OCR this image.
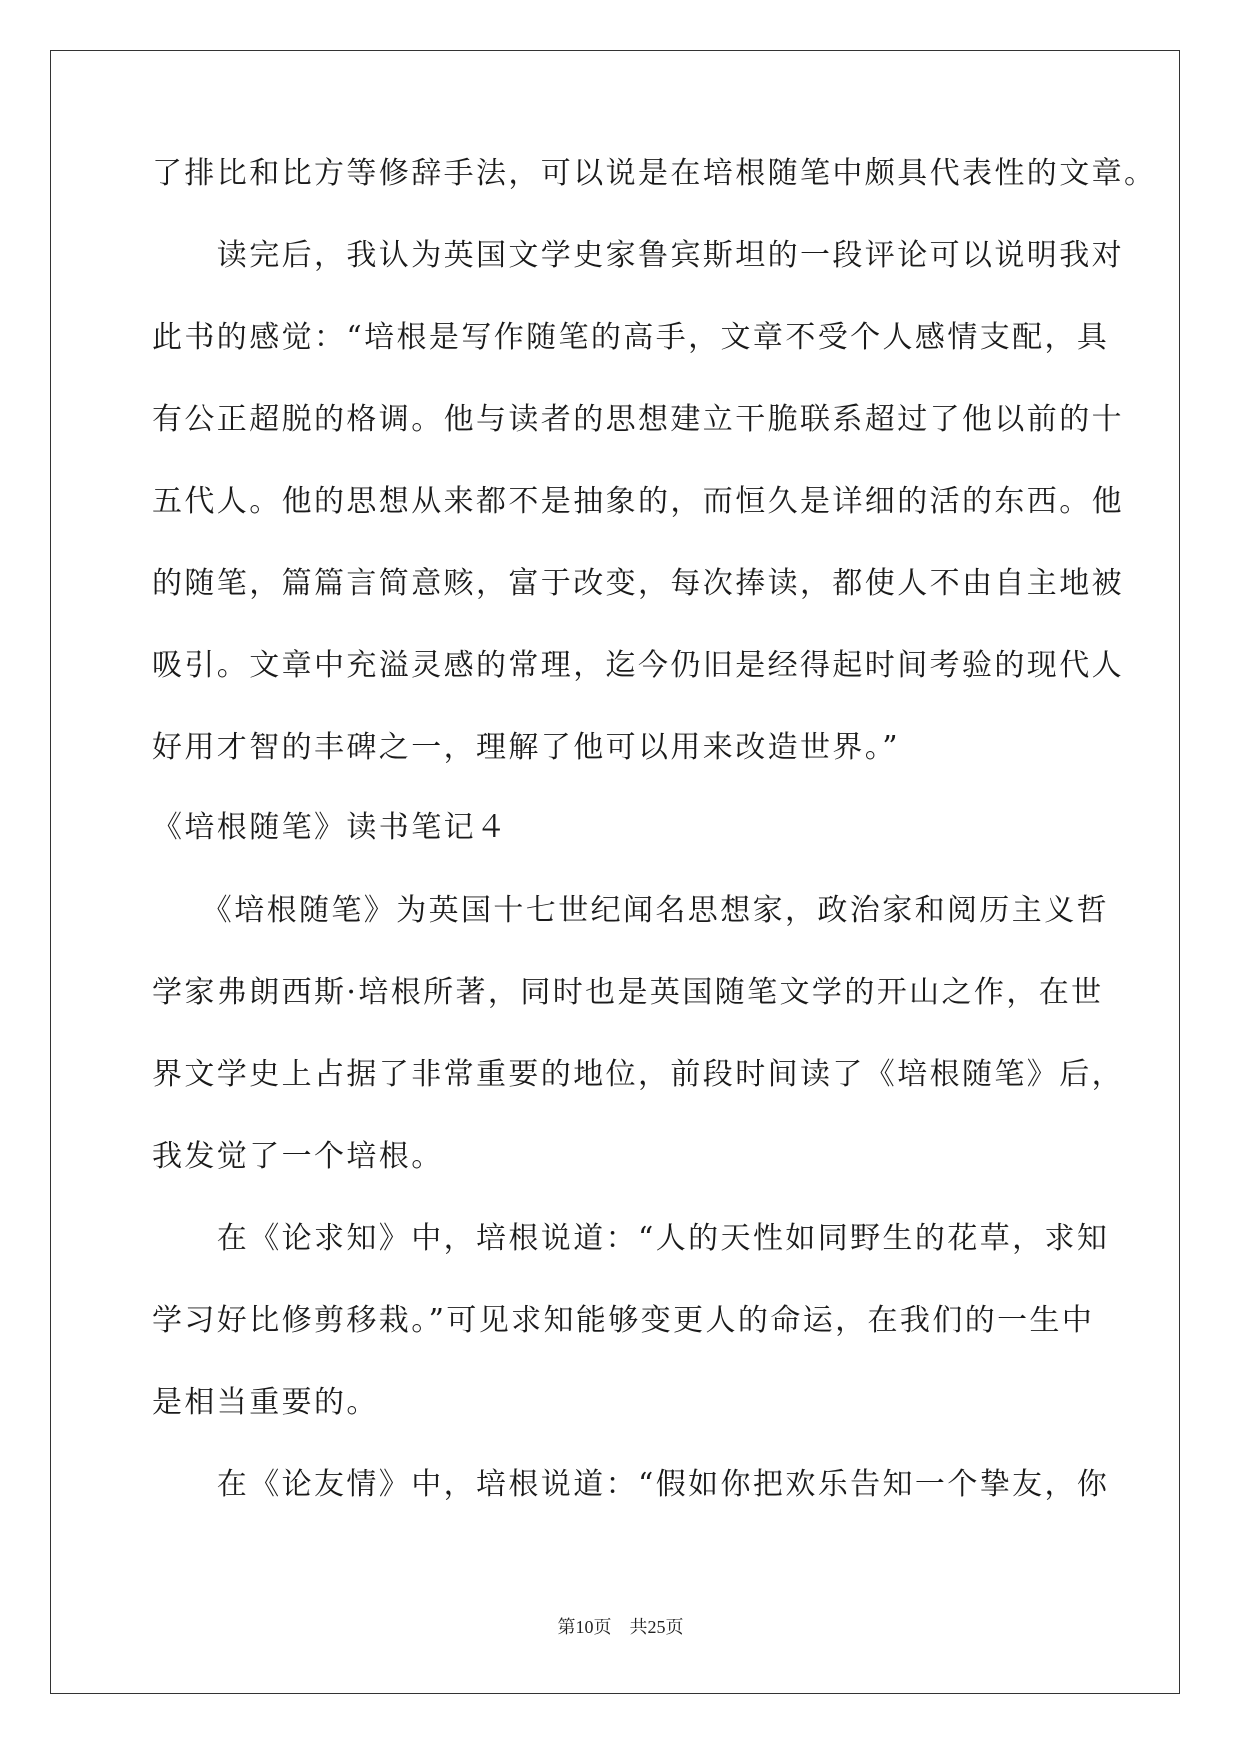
了排比和比方等修辞手法，可以说是在培根随笔中颇具代表性的文章。
　　读完后，我认为英国文学史家鲁宾斯坦的一段评论可以说明我对
此书的感觉：“培根是写作随笔的高手，文章不受个人感情支配，具
有公正超脱的格调。他与读者的思想建立干脆联系超过了他以前的十
五代人。他的思想从来都不是抽象的，而恒久是详细的活的东西。他
的随笔，篇篇言简意赅，富于改变，每次捧读，都使人不由自主地被
吸引。文章中充溢灵感的常理，迄今仍旧是经得起时间考验的现代人
好用才智的丰碑之一，理解了他可以用来改造世界。”
《培根随笔》读书笔记４
　　《培根随笔》为英国十七世纪闻名思想家，政治家和阅历主义哲
学家弗朗西斯·培根所著，同时也是英国随笔文学的开山之作，在世
界文学史上占据了非常重要的地位，前段时间读了《培根随笔》后，
我发觉了一个培根。
　　在《论求知》中，培根说道：“人的天性如同野生的花草，求知
学习好比修剪移栽。”可见求知能够变更人的命运，在我们的一生中
是相当重要的。
　　在《论友情》中，培根说道：“假如你把欢乐告知一个挚友，你
第10页　共25页
